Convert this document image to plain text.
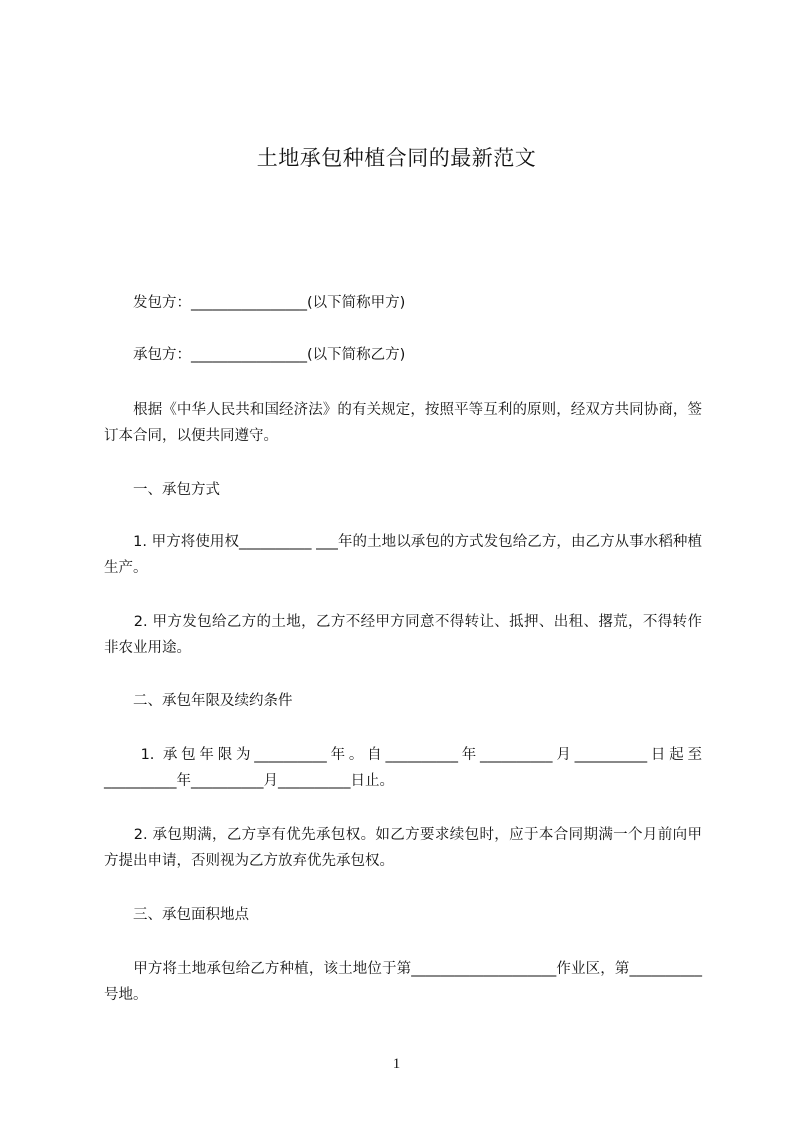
土地承包种植合同的最新范文
　　发包方：________________(以下简称甲方)
　　承包方：________________(以下简称乙方)
　　根据《中华人民共和国经济法》的有关规定，按照平等互利的原则，经双方共同协商，签订本合同，以便共同遵守。
　　一、承包方式
　　1. 甲方将使用权__________ ___年的土地以承包的方式发包给乙方，由乙方从事水稻种植生产。
　　2. 甲方发包给乙方的土地，乙方不经甲方同意不得转让、抵押、出租、撂荒，不得转作非农业用途。
　　二、承包年限及续约条件
　　1. 承包年限为__________年。自__________年__________月__________日起至__________年__________月__________日止。
　　2. 承包期满，乙方享有优先承包权。如乙方要求续包时，应于本合同期满一个月前向甲方提出申请，否则视为乙方放弃优先承包权。
　　三、承包面积地点
　　甲方将土地承包给乙方种植，该土地位于第____________________作业区，第__________号地。
1
